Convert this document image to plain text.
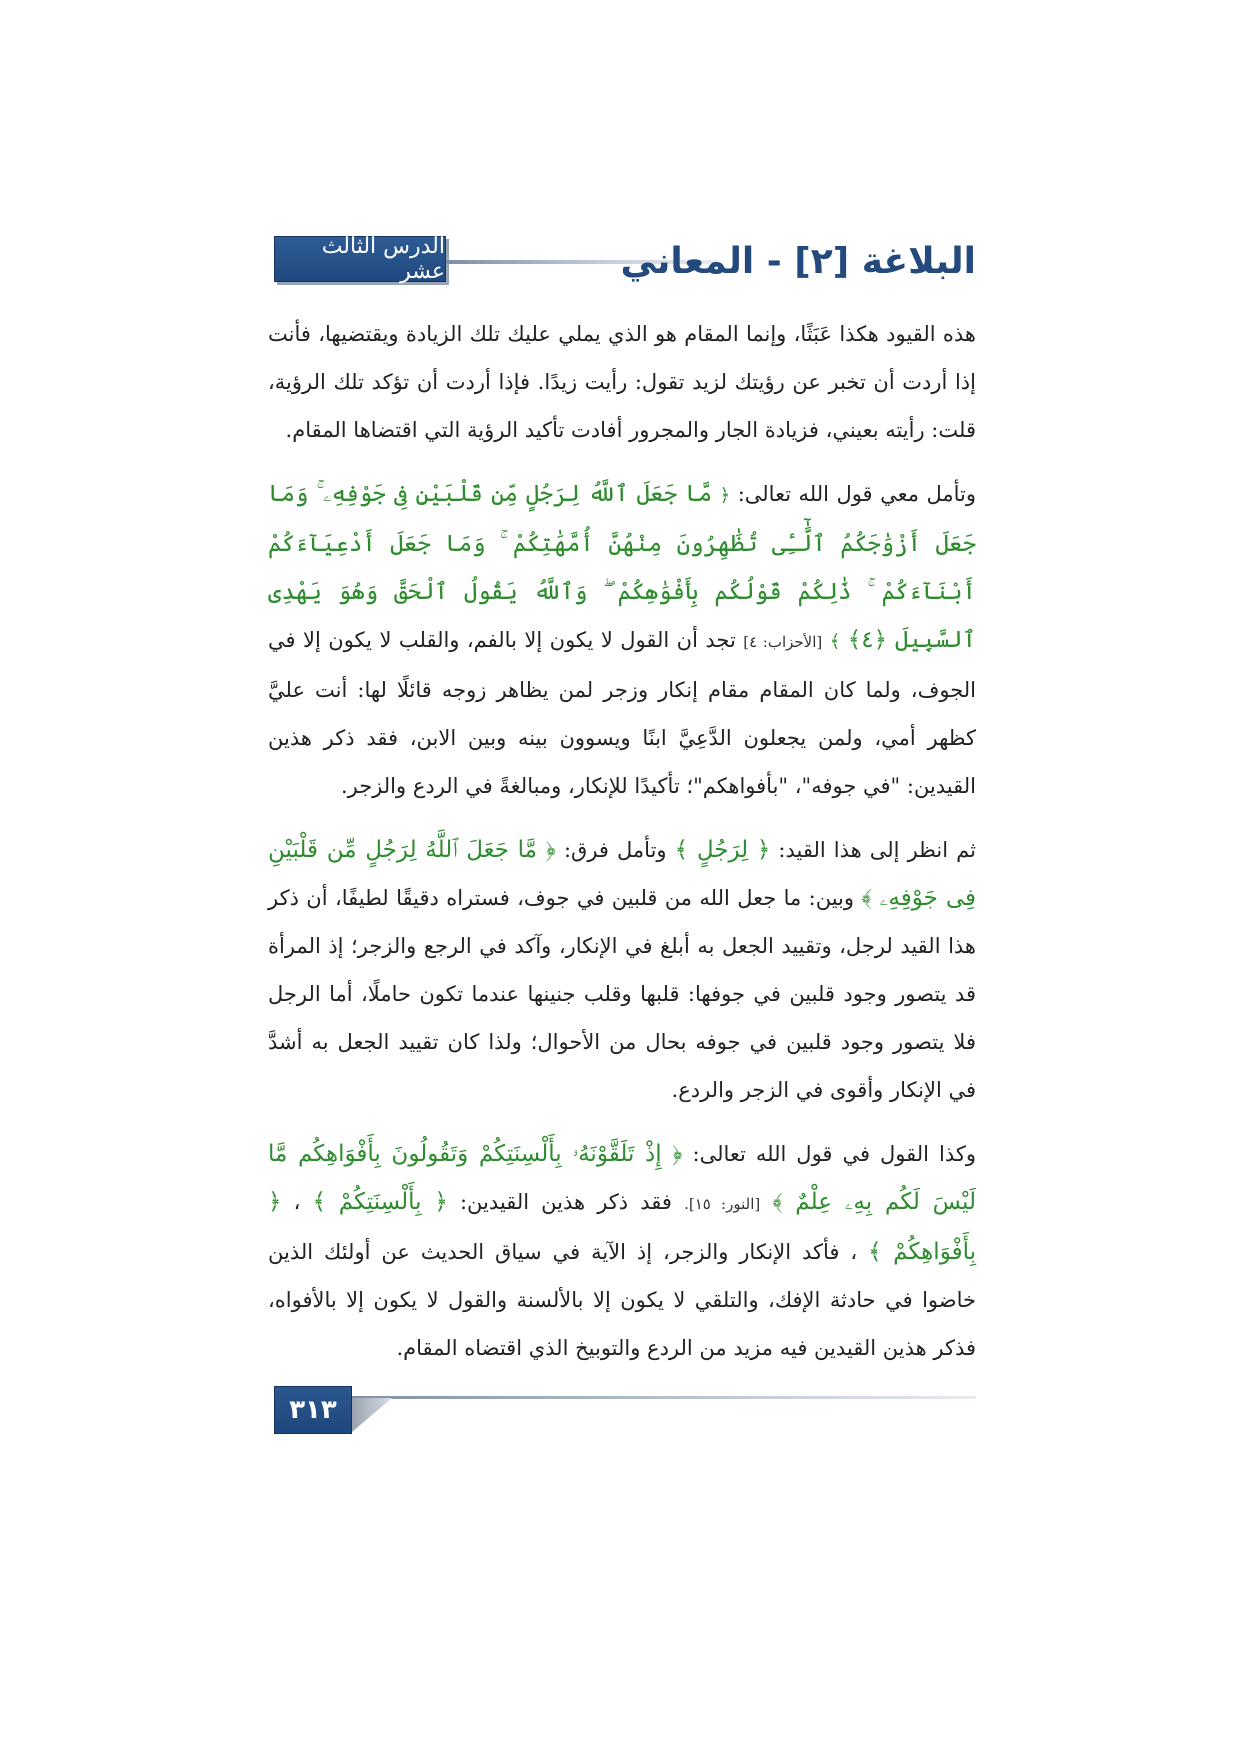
الدرس الثالث عشر	البلاغة [٢] - المعاني

هذه القيود هكذا عَبَثًا، وإنما المقام هو الذي يملي عليك تلك الزيادة ويقتضيها، فأنت إذا أردت أن تخبر عن رؤيتك لزيد تقول: رأيت زيدًا. فإذا أردت أن تؤكد تلك الرؤية، قلت: رأيته بعيني، فزيادة الجار والمجرور أفادت تأكيد الرؤية التي اقتضاها المقام.

وتأمل معي قول الله تعالى: ﴿ مَّا جَعَلَ ٱللَّهُ لِرَجُلٍ مِّن قَلْبَيْنِ فِى جَوْفِهِۦ ۚ وَمَا جَعَلَ أَزْوَٰجَكُمُ ٱلَّٰٓـِٔى تُظَٰهِرُونَ مِنْهُنَّ أُمَّهَٰتِكُمْ ۚ وَمَا جَعَلَ أَدْعِيَآءَكُمْ أَبْنَآءَكُمْ ۚ ذَٰلِكُمْ قَوْلُكُم بِأَفْوَٰهِكُمْ ۖ وَٱللَّهُ يَقُولُ ٱلْحَقَّ وَهُوَ يَهْدِى ٱلسَّبِيلَ ﴿٤﴾ ﴾ [الأحزاب: ٤] تجد أن القول لا يكون إلا بالفم، والقلب لا يكون إلا في الجوف، ولما كان المقام مقام إنكار وزجر لمن يظاهر زوجه قائلًا لها: أنت عليَّ كظهر أمي، ولمن يجعلون الدَّعِيَّ ابنًا ويسوون بينه وبين الابن، فقد ذكر هذين القيدين: "في جوفه"، "بأفواهكم"؛ تأكيدًا للإنكار، ومبالغةً في الردع والزجر.

ثم انظر إلى هذا القيد: ﴿ لِرَجُلٍ ﴾ وتأمل فرق: ﴿ مَّا جَعَلَ ٱللَّهُ لِرَجُلٍ مِّن قَلْبَيْنِ فِى جَوْفِهِۦ ﴾ وبين: ما جعل الله من قلبين في جوف، فستراه دقيقًا لطيفًا، أن ذكر هذا القيد لرجل، وتقييد الجعل به أبلغ في الإنكار، وآكد في الرجع والزجر؛ إذ المرأة قد يتصور وجود قلبين في جوفها: قلبها وقلب جنينها عندما تكون حاملًا، أما الرجل فلا يتصور وجود قلبين في جوفه بحال من الأحوال؛ ولذا كان تقييد الجعل به أشدَّ في الإنكار وأقوى في الزجر والردع.

وكذا القول في قول الله تعالى: ﴿ إِذْ تَلَقَّوْنَهُۥ بِأَلْسِنَتِكُمْ وَتَقُولُونَ بِأَفْوَاهِكُم مَّا لَيْسَ لَكُم بِهِۦ عِلْمٌ ﴾ [النور: ١٥]. فقد ذكر هذين القيدين: ﴿ بِأَلْسِنَتِكُمْ ﴾ ، ﴿ بِأَفْوَاهِكُمْ ﴾ ، فأكد الإنكار والزجر، إذ الآية في سياق الحديث عن أولئك الذين خاضوا في حادثة الإفك، والتلقي لا يكون إلا بالألسنة والقول لا يكون إلا بالأفواه، فذكر هذين القيدين فيه مزيد من الردع والتوبيخ الذي اقتضاه المقام.

٣١٣
